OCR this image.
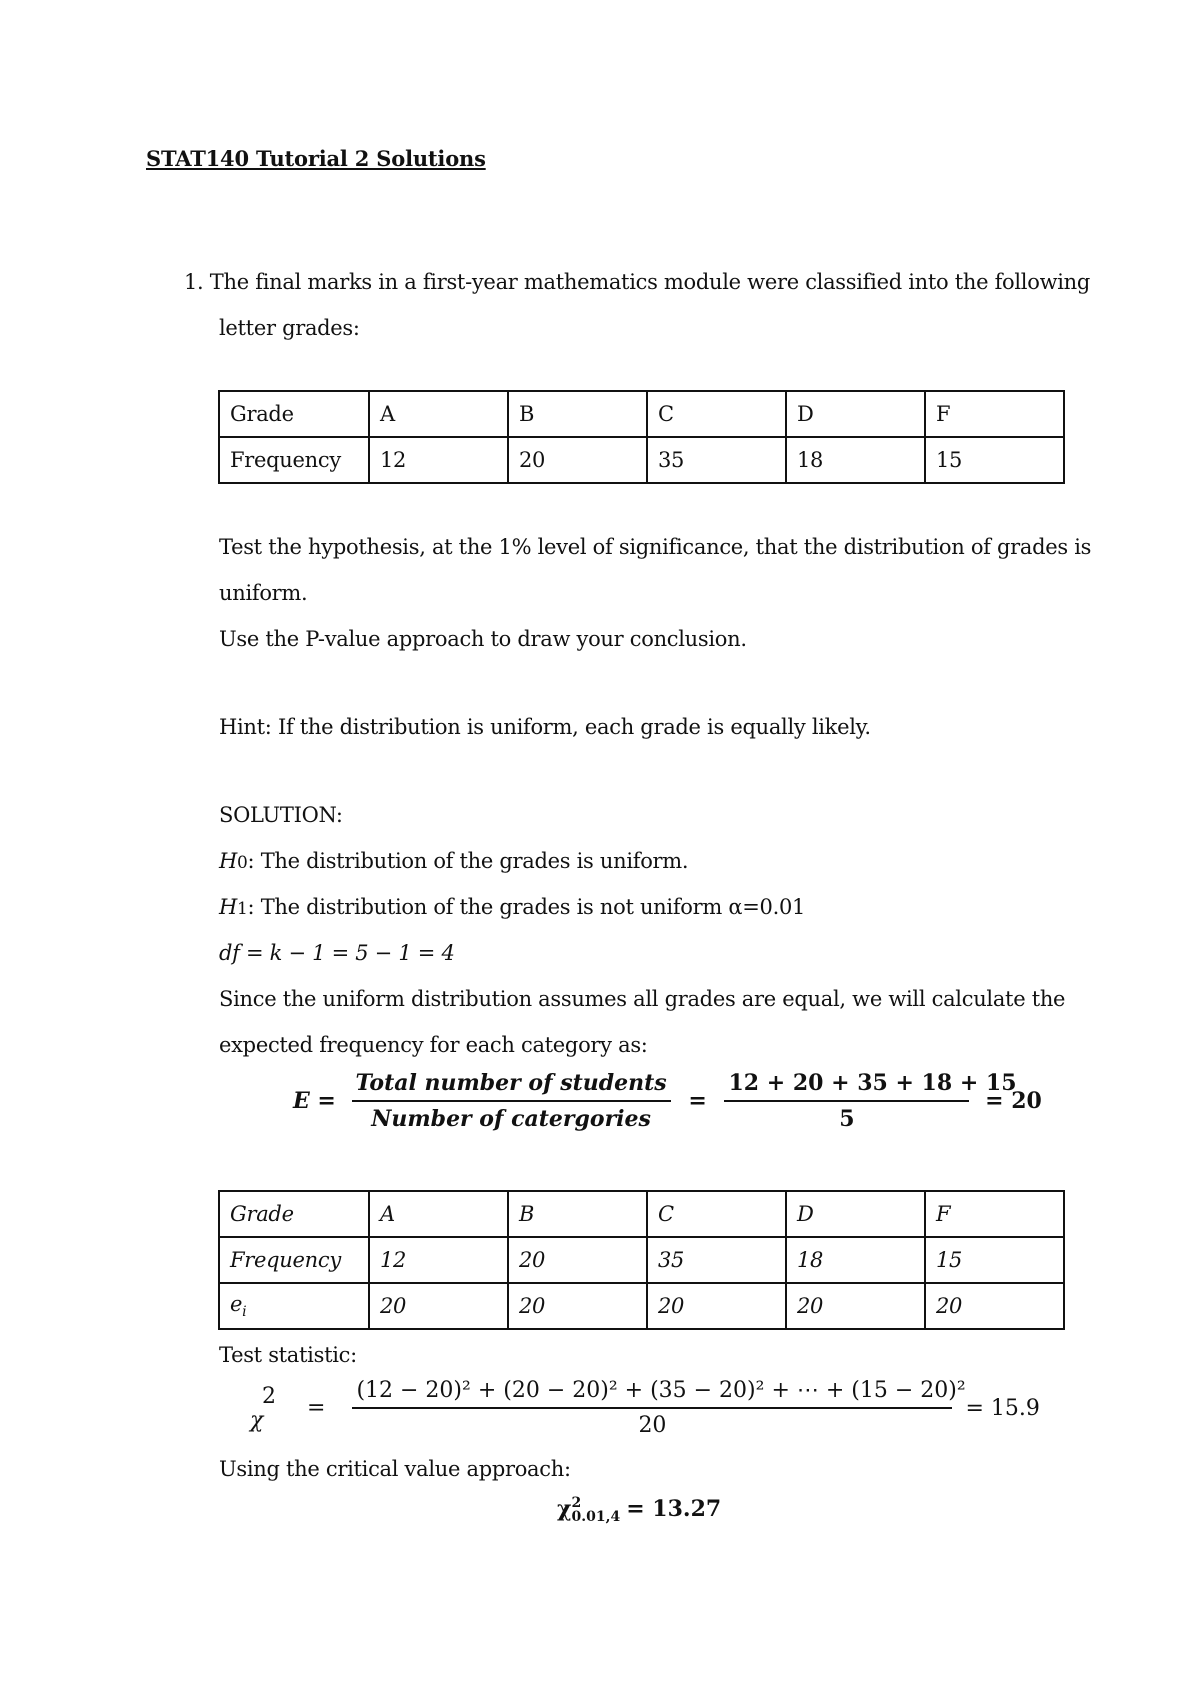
STAT140 Tutorial 2 Solutions
1. The final marks in a first-year mathematics module were classified into the following
letter grades:
Grade	A	B	C	D	F
Frequency	12	20	35	18	15
Test the hypothesis, at the 1% level of significance, that the distribution of grades is
uniform.
Use the P-value approach to draw your conclusion.
Hint: If the distribution is uniform, each grade is equally likely.
SOLUTION:
H0: The distribution of the grades is uniform.
H1: The distribution of the grades is not uniform α=0.01
df = k − 1 = 5 − 1 = 4
Since the uniform distribution assumes all grades are equal, we will calculate the
expected frequency for each category as:
$E = \frac{\text{Total number of students}}{\text{Number of catergories}} = \frac{12 + 20 + 35 + 18 + 15}{5} = 20$
Grade	A	B	C	D	F
Frequency	12	20	35	18	15
$e_i$	20	20	20	20	20
Test statistic:
χ
$2 = \frac{\text{(12 − 20)² + (20 − 20)² + (35 − 20)² + ⋯ + (15 − 20)²}}{20} = 15.9$
Using the critical value approach:
χ 2
0.01,4 = 13.27
